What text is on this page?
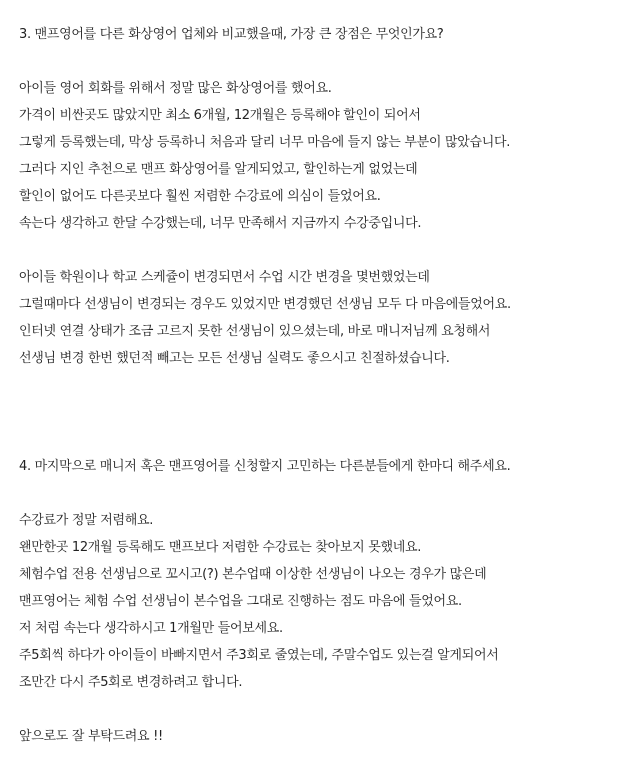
3. 맨프영어를 다른 화상영어 업체와 비교했을때, 가장 큰 장점은 무엇인가요?
아이들 영어 회화를 위해서 정말 많은 화상영어를 했어요.
가격이 비싼곳도 많았지만 최소 6개월, 12개월은 등록해야 할인이 되어서
그렇게 등록했는데, 막상 등록하니 처음과 달리 너무 마음에 들지 않는 부분이 많았습니다.
그러다 지인 추천으로 맨프 화상영어를 알게되었고, 할인하는게 없었는데
할인이 없어도 다른곳보다 훨씬 저렴한 수강료에 의심이 들었어요.
속는다 생각하고 한달 수강했는데, 너무 만족해서 지금까지 수강중입니다.
아이들 학원이나 학교 스케쥴이 변경되면서 수업 시간 변경을 몇번했었는데
그럴때마다 선생님이 변경되는 경우도 있었지만 변경했던 선생님 모두 다 마음에들었어요.
인터넷 연결 상태가 조금 고르지 못한 선생님이 있으셨는데, 바로 매니저님께 요청해서
선생님 변경 한번 했던적 빼고는 모든 선생님 실력도 좋으시고 친절하셨습니다.
4. 마지막으로 매니저 혹은 맨프영어를 신청할지 고민하는 다른분들에게 한마디 해주세요.
수강료가 정말 저렴해요.
왠만한곳 12개월 등록해도 맨프보다 저렴한 수강료는 찾아보지 못했네요.
체험수업 전용 선생님으로 꼬시고(?) 본수업때 이상한 선생님이 나오는 경우가 많은데
맨프영어는 체험 수업 선생님이 본수업을 그대로 진행하는 점도 마음에 들었어요.
저 처럼 속는다 생각하시고 1개월만 들어보세요.
주5회씩 하다가 아이들이 바빠지면서 주3회로 줄였는데, 주말수업도 있는걸 알게되어서
조만간 다시 주5회로 변경하려고 합니다.
앞으로도 잘 부탁드려요 !!
